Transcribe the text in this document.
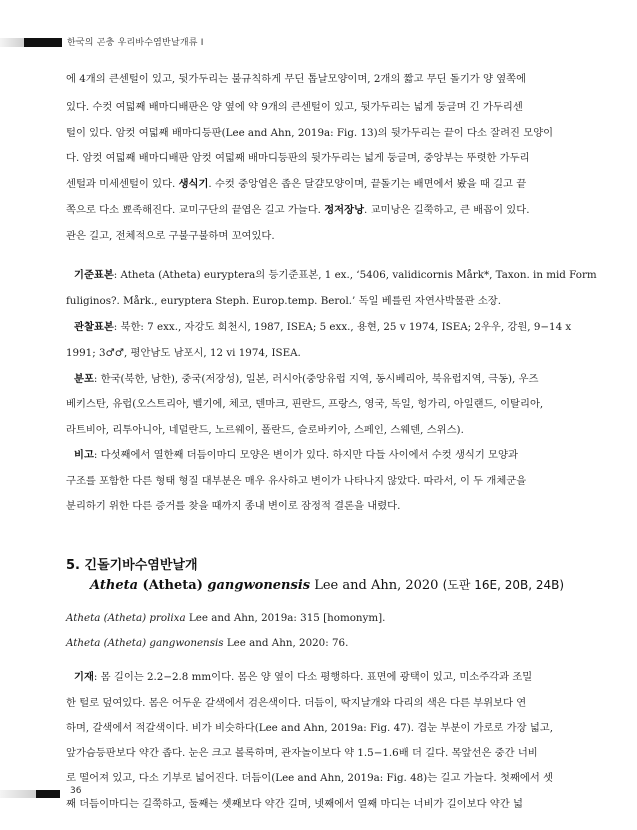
한국의 곤충 우리바수염반날개류 I
에 4개의 큰센털이 있고, 뒷가두리는 불규칙하게 무딘 톱날모양이며, 2개의 짧고 무딘 돌기가 양 옆쪽에
있다. 수컷 여덟째 배마디배판은 양 옆에 약 9개의 큰센털이 있고, 뒷가두리는 넓게 둥글며 긴 가두리센
털이 있다. 암컷 여덟째 배마디등판(Lee and Ahn, 2019a: Fig. 13)의 뒷가두리는 끝이 다소 잘려진 모양이
다. 암컷 여덟째 배마디배판 암컷 여덟째 배마디등판의 뒷가두리는 넓게 둥글며, 중앙부는 뚜렷한 가두리
센털과 미세센털이 있다. 생식기. 수컷 중앙엽은 좁은 달걀모양이며, 끝돌기는 배면에서 봤을 때 길고 끝
쪽으로 다소 뾰족해진다. 교미구단의 끝엽은 길고 가늘다. 정저장낭. 교미낭은 길쭉하고, 큰 배꼽이 있다.
관은 길고, 전체적으로 구불구불하며 꼬여있다.
기준표본: Atheta (Atheta) euryptera의 등기준표본, 1 ex., ‘5406, validicornis Mårk*, Taxon. in mid Form
fuliginos?. Mårk., euryptera Steph. Europ.temp. Berol.’ 독일 베를린 자연사박물관 소장.
관찰표본: 북한: 7 exx., 자강도 희천시, 1987, ISEA; 5 exx., 용현, 25 v 1974, ISEA; 2우우, 강원, 9−14 x
1991; 3♂♂, 평안남도 남포시, 12 vi 1974, ISEA.
분포: 한국(북한, 남한), 중국(저장성), 일본, 러시아(중앙유럽 지역, 동시베리아, 북유럽지역, 극동), 우즈
베키스탄, 유럽(오스트리아, 벨기에, 체코, 덴마크, 핀란드, 프랑스, 영국, 독일, 헝가리, 아일랜드, 이탈리아,
라트비아, 리투아니아, 네덜란드, 노르웨이, 폴란드, 슬로바키아, 스페인, 스웨덴, 스위스).
비고: 다섯째에서 열한째 더듬이마디 모양은 변이가 있다. 하지만 다들 사이에서 수컷 생식기 모양과
구조를 포함한 다른 형태 형질 대부분은 매우 유사하고 변이가 나타나지 않았다. 따라서, 이 두 개체군을
분리하기 위한 다른 증거를 찾을 때까지 종내 변이로 잠정적 결론을 내렸다.
5. 긴돌기바수염반날개
Atheta (Atheta) gangwonensis Lee and Ahn, 2020 (도판 16E, 20B, 24B)
Atheta (Atheta) prolixa Lee and Ahn, 2019a: 315 [homonym].
Atheta (Atheta) gangwonensis Lee and Ahn, 2020: 76.
기재: 몸 길이는 2.2−2.8 mm이다. 몸은 양 옆이 다소 평행하다. 표면에 광택이 있고, 미소주각과 조밀
한 털로 덮여있다. 몸은 어두운 갈색에서 검은색이다. 더듬이, 딱지날개와 다리의 색은 다른 부위보다 연
하며, 갈색에서 적갈색이다. 비가 비슷하다(Lee and Ahn, 2019a: Fig. 47). 겹눈 부분이 가로로 가장 넓고,
앞가슴등판보다 약간 좁다. 눈은 크고 볼록하며, 관자놀이보다 약 1.5−1.6배 더 길다. 목앞선은 중간 너비
로 떨어져 있고, 다소 기부로 넓어진다. 더듬이(Lee and Ahn, 2019a: Fig. 48)는 길고 가늘다. 첫째에서 셋
째 더듬이마디는 길쭉하고, 둘째는 셋째보다 약간 길며, 넷째에서 열째 마디는 너비가 길이보다 약간 넓
36
